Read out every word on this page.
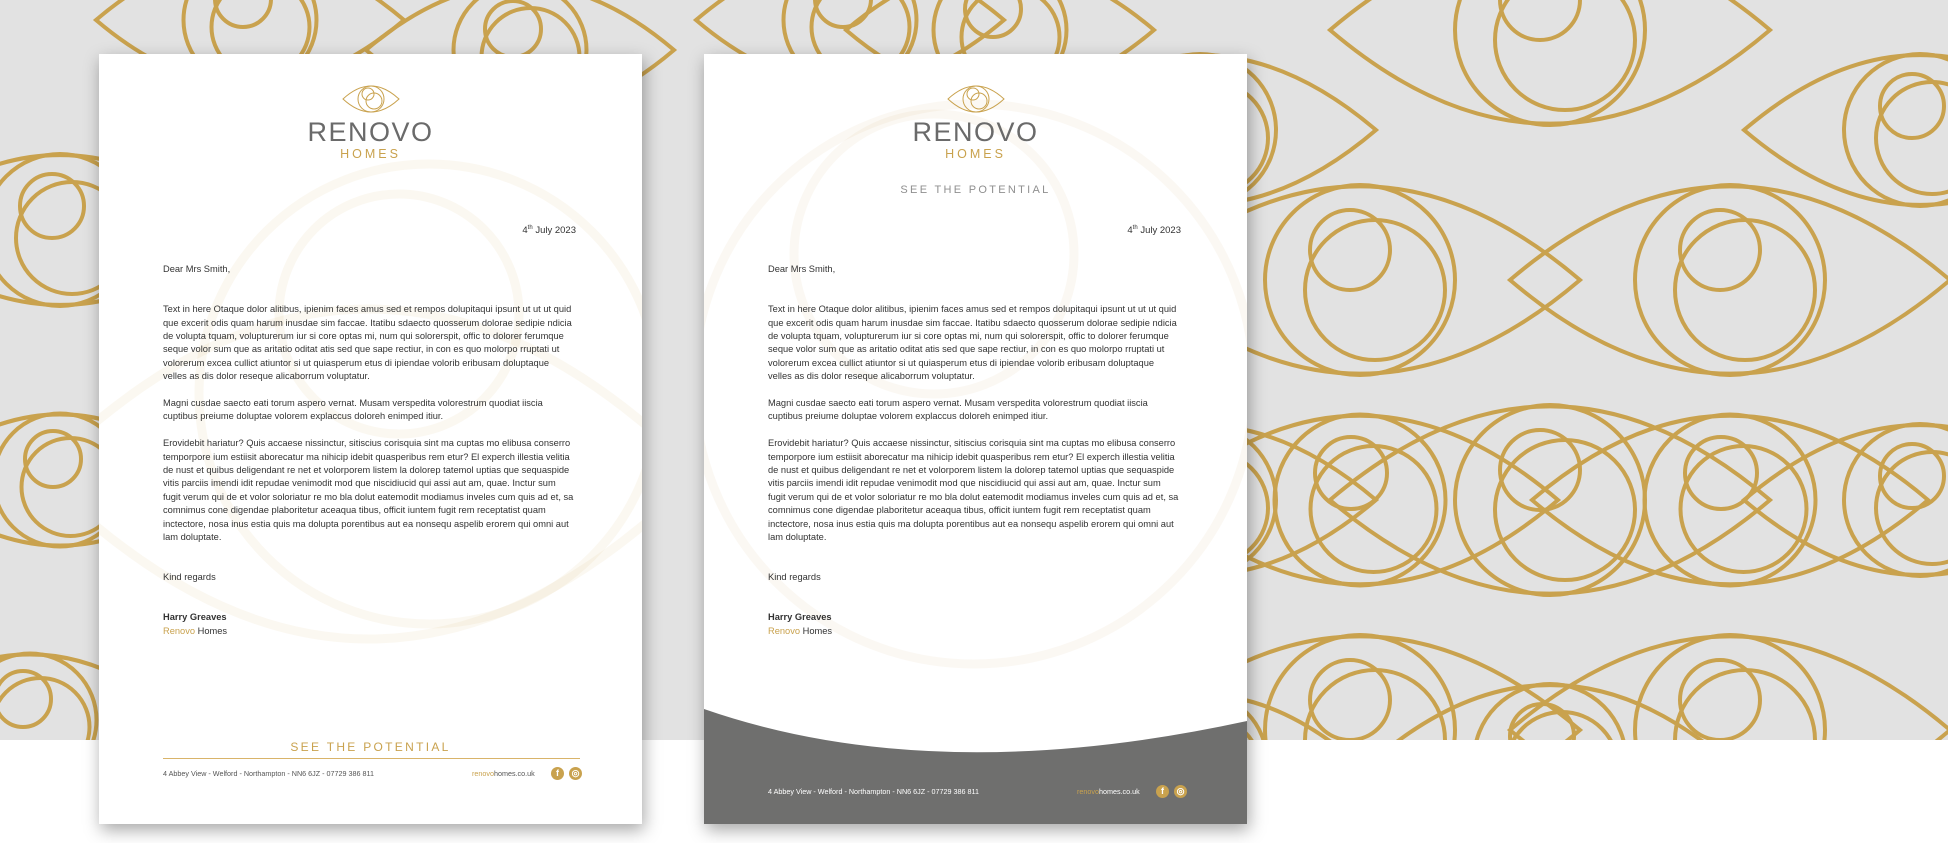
RENOVO
HOMES
4th July 2023

Dear Mrs Smith,

Text in here Otaque dolor alitibus, ipienim faces amus sed et rempos dolupitaqui ipsunt ut ut ut quid que excerit odis quam harum inusdae sim faccae. Itatibu sdaecto quosserum dolorae sedipie ndicia de volupta tquam, volupturerum iur si core optas mi, num qui solorerspit, offic to dolorer ferumque seque volor sum que as aritatio oditat atis sed que sape rectiur, in con es quo molorpo rruptati ut volorerum excea cullict atiuntor si ut quiasperum etus di ipiendae volorib eribusam doluptaque velles as dis dolor reseque alicaborrum voluptatur.

Magni cusdae saecto eati torum aspero vernat. Musam verspedita volorestrum quodiat iiscia cuptibus preiume doluptae volorem explaccus doloreh enimped itiur.

Erovidebit hariatur? Quis accaese nissinctur, sitiscius corisquia sint ma cuptas mo elibusa conserro temporpore ium estiisit aborecatur ma nihicip idebit quasperibus rem etur? El experch illestia velitia de nust et quibus deligendant re net et volorporem listem la dolorep tatemol uptias que sequaspide vitis parciis imendi idit repudae venimodit mod que niscidiucid qui assi aut am, quae. Inctur sum fugit verum qui de et volor soloriatur re mo bla dolut eatemodit modiamus inveles cum quis ad et, sa comnimus cone digendae plaboritetur aceaqua tibus, officit iuntem fugit rem receptatist quam inctectore, nosa inus estia quis ma dolupta porentibus aut ea nonsequ aspelib erorem qui omni aut lam doluptate.

Kind regards

Harry Greaves
Renovo Homes
SEE THE POTENTIAL
4 Abbey View - Welford - Northampton - NN6 6JZ - 07729 386 811	renovohomes.co.uk	f	◎
RENOVO
HOMES
SEE THE POTENTIAL
4th July 2023

Dear Mrs Smith,

Text in here Otaque dolor alitibus, ipienim faces amus sed et rempos dolupitaqui ipsunt ut ut ut quid que excerit odis quam harum inusdae sim faccae. Itatibu sdaecto quosserum dolorae sedipie ndicia de volupta tquam, volupturerum iur si core optas mi, num qui solorerspit, offic to dolorer ferumque seque volor sum que as aritatio oditat atis sed que sape rectiur, in con es quo molorpo rruptati ut volorerum excea cullict atiuntor si ut quiasperum etus di ipiendae volorib eribusam doluptaque velles as dis dolor reseque alicaborrum voluptatur.

Magni cusdae saecto eati torum aspero vernat. Musam verspedita volorestrum quodiat iiscia cuptibus preiume doluptae volorem explaccus doloreh enimped itiur.

Erovidebit hariatur? Quis accaese nissinctur, sitiscius corisquia sint ma cuptas mo elibusa conserro temporpore ium estiisit aborecatur ma nihicip idebit quasperibus rem etur? El experch illestia velitia de nust et quibus deligendant re net et volorporem listem la dolorep tatemol uptias que sequaspide vitis parciis imendi idit repudae venimodit mod que niscidiucid qui assi aut am, quae. Inctur sum fugit verum qui de et volor soloriatur re mo bla dolut eatemodit modiamus inveles cum quis ad et, sa comnimus cone digendae plaboritetur aceaqua tibus, officit iuntem fugit rem receptatist quam inctectore, nosa inus estia quis ma dolupta porentibus aut ea nonsequ aspelib erorem qui omni aut lam doluptate.

Kind regards

Harry Greaves
Renovo Homes
4 Abbey View - Welford - Northampton - NN6 6JZ - 07729 386 811	renovohomes.co.uk	f	◎
